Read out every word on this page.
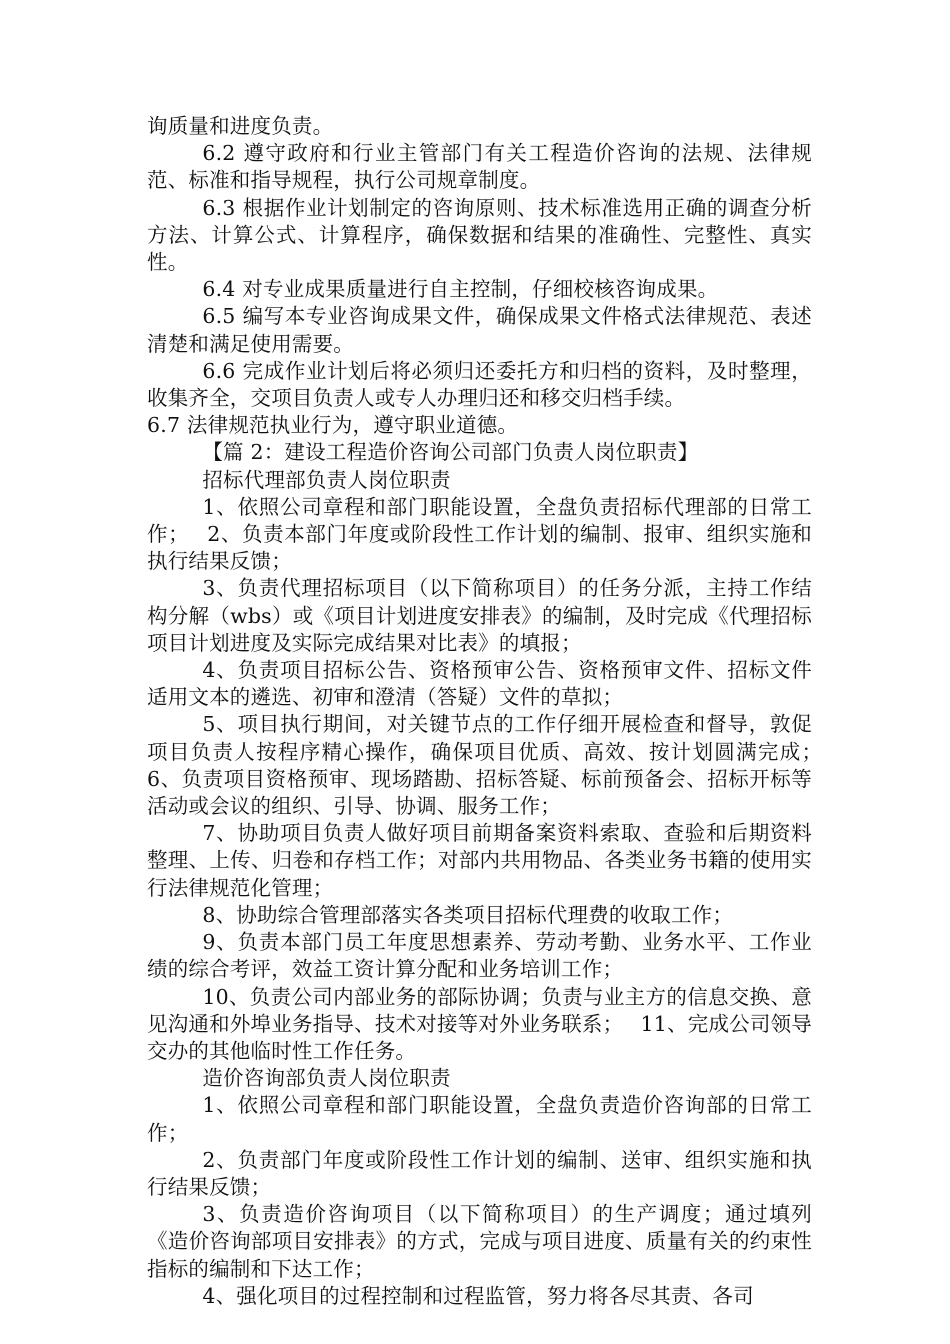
询质量和进度负责。

6.2 遵守政府和行业主管部门有关工程造价咨询的法规、法律规范、标准和指导规程，执行公司规章制度。

6.3 根据作业计划制定的咨询原则、技术标准选用正确的调查分析方法、计算公式、计算程序，确保数据和结果的准确性、完整性、真实性。

6.4 对专业成果质量进行自主控制，仔细校核咨询成果。

6.5 编写本专业咨询成果文件，确保成果文件格式法律规范、表述清楚和满足使用需要。

6.6 完成作业计划后将必须归还委托方和归档的资料，及时整理，收集齐全，交项目负责人或专人办理归还和移交归档手续。

6.7 法律规范执业行为，遵守职业道德。

【篇 2：建设工程造价咨询公司部门负责人岗位职责】

招标代理部负责人岗位职责

1、依照公司章程和部门职能设置，全盘负责招标代理部的日常工作；　 2、负责本部门年度或阶段性工作计划的编制、报审、组织实施和执行结果反馈；

3、负责代理招标项目（以下简称项目）的任务分派，主持工作结构分解（wbs）或《项目计划进度安排表》的编制，及时完成《代理招标项目计划进度及实际完成结果对比表》的填报；

4、负责项目招标公告、资格预审公告、资格预审文件、招标文件适用文本的遴选、初审和澄清（答疑）文件的草拟；

5、项目执行期间，对关键节点的工作仔细开展检查和督导，敦促项目负责人按程序精心操作，确保项目优质、高效、按计划圆满完成；　 6、负责项目资格预审、现场踏勘、招标答疑、标前预备会、招标开标等活动或会议的组织、引导、协调、服务工作；

7、协助项目负责人做好项目前期备案资料索取、查验和后期资料整理、上传、归卷和存档工作；对部内共用物品、各类业务书籍的使用实行法律规范化管理；

8、协助综合管理部落实各类项目招标代理费的收取工作；

9、负责本部门员工年度思想素养、劳动考勤、业务水平、工作业绩的综合考评，效益工资计算分配和业务培训工作；

10、负责公司内部业务的部际协调；负责与业主方的信息交换、意见沟通和外埠业务指导、技术对接等对外业务联系；　 11、完成公司领导交办的其他临时性工作任务。

造价咨询部负责人岗位职责

1、依照公司章程和部门职能设置，全盘负责造价咨询部的日常工作；

2、负责部门年度或阶段性工作计划的编制、送审、组织实施和执行结果反馈；

3、负责造价咨询项目（以下简称项目）的生产调度；通过填列《造价咨询部项目安排表》的方式，完成与项目进度、质量有关的约束性指标的编制和下达工作；

4、强化项目的过程控制和过程监管，努力将各尽其责、各司
